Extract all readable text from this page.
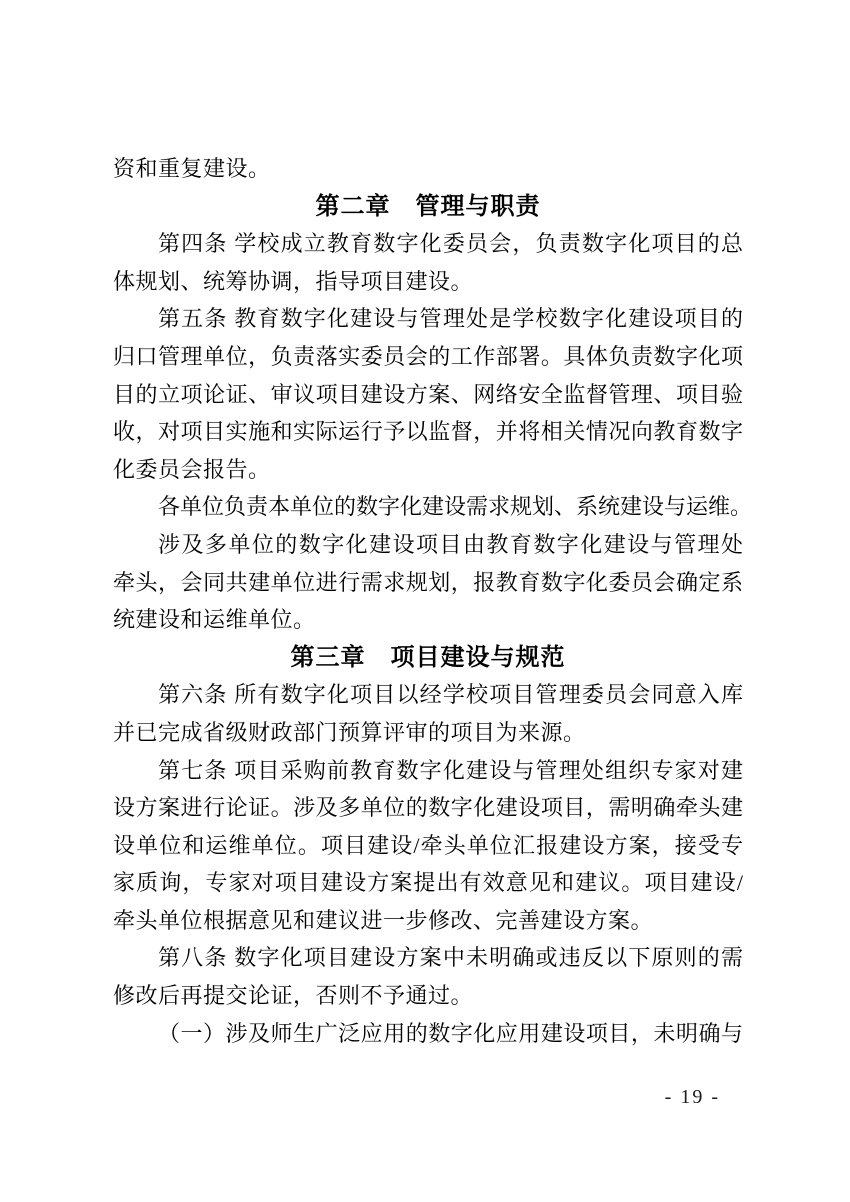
资和重复建设。
第二章　管理与职责
第四条 学校成立教育数字化委员会，负责数字化项目的总
体规划、统筹协调，指导项目建设。
第五条 教育数字化建设与管理处是学校数字化建设项目的
归口管理单位，负责落实委员会的工作部署。具体负责数字化项
目的立项论证、审议项目建设方案、网络安全监督管理、项目验
收，对项目实施和实际运行予以监督，并将相关情况向教育数字
化委员会报告。
各单位负责本单位的数字化建设需求规划、系统建设与运维。
涉及多单位的数字化建设项目由教育数字化建设与管理处
牵头，会同共建单位进行需求规划，报教育数字化委员会确定系
统建设和运维单位。
第三章　项目建设与规范
第六条 所有数字化项目以经学校项目管理委员会同意入库
并已完成省级财政部门预算评审的项目为来源。
第七条 项目采购前教育数字化建设与管理处组织专家对建
设方案进行论证。涉及多单位的数字化建设项目，需明确牵头建
设单位和运维单位。项目建设/牵头单位汇报建设方案，接受专
家质询，专家对项目建设方案提出有效意见和建议。项目建设/
牵头单位根据意见和建议进一步修改、完善建设方案。
第八条 数字化项目建设方案中未明确或违反以下原则的需
修改后再提交论证，否则不予通过。
（一）涉及师生广泛应用的数字化应用建设项目，未明确与
- 19 -
